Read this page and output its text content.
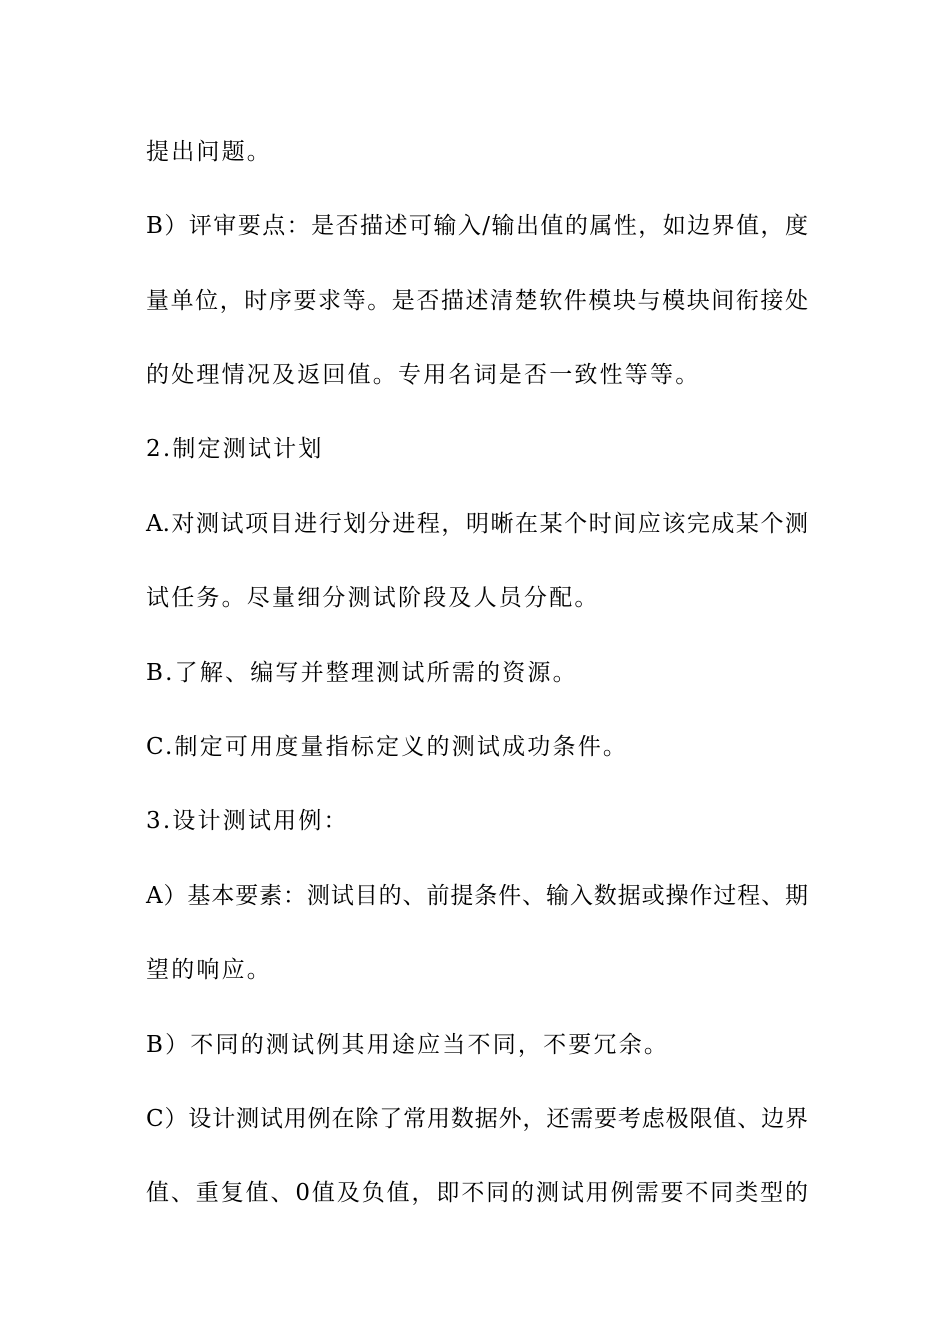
提出问题。
B）评审要点：是否描述可输入/输出值的属性，如边界值，度
量单位，时序要求等。是否描述清楚软件模块与模块间衔接处
的处理情况及返回值。专用名词是否一致性等等。
2.制定测试计划
A.对测试项目进行划分进程，明晰在某个时间应该完成某个测
试任务。尽量细分测试阶段及人员分配。
B.了解、编写并整理测试所需的资源。
C.制定可用度量指标定义的测试成功条件。
3.设计测试用例：
A）基本要素：测试目的、前提条件、输入数据或操作过程、期
望的响应。
B）不同的测试例其用途应当不同，不要冗余。
C）设计测试用例在除了常用数据外，还需要考虑极限值、边界
值、重复值、0值及负值，即不同的测试用例需要不同类型的
